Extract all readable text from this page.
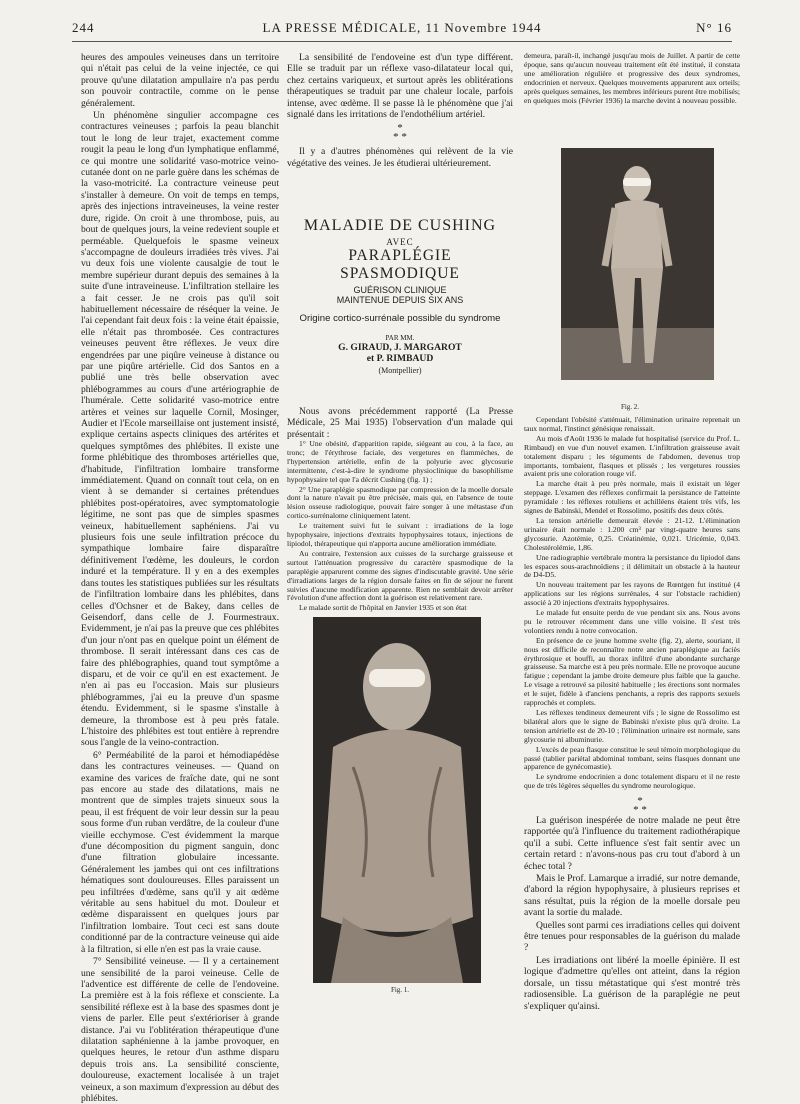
244	LA PRESSE MÉDICALE, 11 Novembre 1944	N° 16

heures des ampoules veineuses dans un territoire qui n'était pas celui de la veine injectée, ce qui prouve qu'une dilatation ampullaire n'a pas perdu son pouvoir contractile, comme on le pense généralement.

Un phénomène singulier accompagne ces contractures veineuses ; parfois la peau blanchit tout le long de leur trajet, exactement comme rougit la peau le long d'un lymphatique enflammé, ce qui montre une solidarité vaso-motrice veino-cutanée dont on ne parle guère dans les schémas de la vaso-motricité. La contracture veineuse peut s'installer à demeure. On voit de temps en temps, après des injections intraveineuses, la veine rester dure, rigide. On croit à une thrombose, puis, au bout de quelques jours, la veine redevient souple et perméable. Quelquefois le spasme veineux s'accompagne de douleurs irradiées très vives. J'ai vu deux fois une violente causalgie de tout le membre supérieur durant depuis des semaines à la suite d'une intraveineuse. L'infiltration stellaire les a fait cesser. Je ne crois pas qu'il soit habituellement nécessaire de réséquer la veine. Je l'ai cependant fait deux fois : la veine était épaissie, elle n'était pas thrombosée. Ces contractures veineuses peuvent être réflexes. Je veux dire engendrées par une piqûre veineuse à distance ou par une piqûre artérielle. Cid dos Santos en a publié une très belle observation avec phlébogrammes au cours d'une artériographie de l'humérale. Cette solidarité vaso-motrice entre artères et veines sur laquelle Cornil, Mosinger, Audier et l'Ecole marseillaise ont justement insisté, explique certains aspects cliniques des artérites et quelques symptômes des phlébites. Il existe une forme phlébitique des thromboses artérielles que, d'habitude, l'infiltration lombaire transforme immédiatement. Quand on connaît tout cela, on en vient à se demander si certaines prétendues phlébites post-opératoires, avec symptomatologie légitime, ne sont pas que de simples spasmes veineux, habituellement saphéniens. J'ai vu plusieurs fois une seule infiltration précoce du sympathique lombaire faire disparaître définitivement l'œdème, les douleurs, le cordon induré et la température. Il y en a des exemples dans toutes les statistiques publiées sur les résultats de l'infiltration lombaire dans les phlébites, dans celles d'Ochsner et de Bakey, dans celles de Geisendorf, dans celle de J. Fourmestraux. Evidemment, je n'ai pas la preuve que ces phlébites d'un jour n'ont pas en quelque point un élément de thrombose. Il serait intéressant dans ces cas de faire des phlébographies, quand tout symptôme a disparu, et de voir ce qu'il en est exactement. Je n'en ai pas eu l'occasion. Mais sur plusieurs phlébogrammes, j'ai eu la preuve d'un spasme étendu. Evidemment, si le spasme s'installe à demeure, la thrombose est à peu près fatale. L'histoire des phlébites est tout entière à reprendre sous l'angle de la veino-contraction.

6° Perméabilité de la paroi et hémodiapédèse dans les contractures veineuses. — Quand on examine des varices de fraîche date, qui ne sont pas encore au stade des dilatations, mais ne montrent que de simples trajets sinueux sous la peau, il est fréquent de voir leur dessin sur la peau sous forme d'un ruban verdâtre, de la couleur d'une vieille ecchymose. C'est évidemment la marque d'une décomposition du pigment sanguin, donc d'une filtration globulaire incessante. Généralement les jambes qui ont ces infiltrations hématiques sont douloureuses. Elles paraissent un peu infiltrées d'œdème, sans qu'il y ait œdème véritable au sens habituel du mot. Douleur et œdème disparaissent en quelques jours par l'infiltration lombaire. Tout ceci est sans doute conditionné par de la contracture veineuse qui aide à la filtration, si elle n'en est pas la vraie cause.

7° Sensibilité veineuse. — Il y a certainement une sensibilité de la paroi veineuse. Celle de l'adventice est différente de celle de l'endoveine. La première est à la fois réflexe et consciente. La sensibilité réflexe est à la base des spasmes dont je viens de parler. Elle peut s'extérioriser à grande distance. J'ai vu l'oblitération thérapeutique d'une dilatation saphénienne à la jambe provoquer, en quelques heures, le retour d'un asthme disparu depuis trois ans. La sensibilité consciente, douloureuse, exactement localisée à un trajet veineux, a son maximum d'expression au début des phlébites.

La sensibilité de l'endoveine est d'un type différent. Elle se traduit par un réflexe vaso-dilatateur local qui, chez certains variqueux, et surtout après les oblitérations thérapeutiques se traduit par une chaleur locale, parfois intense, avec œdème. Il se passe là le phénomène que j'ai signalé dans les irritations de l'endothélium artériel.

*
* *

Il y a d'autres phénomènes qui relèvent de la vie végétative des veines. Je les étudierai ultérieurement.

MALADIE DE CUSHING
AVEC
PARAPLÉGIE SPASMODIQUE
GUÉRISON CLINIQUE
MAINTENUE DEPUIS SIX ANS
Origine cortico-surrénale possible du syndrome
PAR MM.
G. GIRAUD, J. MARGAROT
et P. RIMBAUD
(Montpellier)

Nous avons précédemment rapporté (La Presse Médicale, 25 Mai 1935) l'observation d'un malade qui présentait :

1° Une obésité, d'apparition rapide, siégeant au cou, à la face, au tronc; de l'érythrose faciale, des vergetures en flammèches, de l'hypertension artérielle, enfin de la polyurie avec glycosurie intermittente, c'est-à-dire le syndrome physioclinique du basophilisme hypophysaire tel que l'a décrit Cushing (fig. 1) ;

2° Une paraplégie spasmodique par compression de la moelle dorsale dont la nature n'avait pu être précisée, mais qui, en l'absence de toute lésion osseuse radiologique, pouvait faire songer à une métastase d'un cortico-surrénalome cliniquement latent.

Le traitement suivi fut le suivant : irradiations de la loge hypophysaire, injections d'extraits hypophysaires totaux, injections de lipiodol, thérapeutique qui n'apporta aucune amélioration immédiate.

Au contraire, l'extension aux cuisses de la surcharge graisseuse et surtout l'atténuation progressive du caractère spasmodique de la paraplégie apparurent comme des signes d'indiscutable gravité. Une série d'irradiations larges de la région dorsale faites en fin de séjour ne furent suivies d'aucune modification apparente. Rien ne semblait devoir arrêter l'évolution d'une affection dont la guérison est relativement rare.

Le malade sortit de l'hôpital en Janvier 1935 et son état

Fig. 1.

demeura, paraît-il, inchangé jusqu'au mois de Juillet. A partir de cette époque, sans qu'aucun nouveau traitement eût été institué, il constata une amélioration régulière et progressive des deux syndromes, endocrinien et nerveux. Quelques mouvements apparurent aux orteils; après quelques semaines, les membres inférieurs purent être mobilisés; en quelques mois (Février 1936) la marche devint à nouveau possible.

Fig. 2.

Cependant l'obésité s'atténuait, l'élimination urinaire reprenait un taux normal, l'instinct génésique renaissait.

Au mois d'Août 1936 le malade fut hospitalisé (service du Prof. L. Rimbaud) en vue d'un nouvel examen. L'infiltration graisseuse avait totalement disparu ; les téguments de l'abdomen, devenus trop importants, tombaient, flasques et plissés ; les vergetures roussies avaient pris une coloration rouge vif.

La marche était à peu près normale, mais il existait un léger steppage. L'examen des réflexes confirmait la persistance de l'atteinte pyramidale : les réflexes rotuliens et achilléens étaient très vifs, les signes de Babinski, Mendel et Rossolimo, positifs des deux côtés.

La tension artérielle demeurait élevée : 21-12. L'élimination urinaire était normale : 1.200 cm³ par vingt-quatre heures sans glycosurie. Azotémie, 0,25. Créatinémie, 0,021. Uricémie, 0,043. Cholestérolémie, 1,86.

Une radiographie vertébrale montra la persistance du lipiodol dans les espaces sous-arachnoïdiens ; il délimitait un obstacle à la hauteur de D4-D5.

Un nouveau traitement par les rayons de Rœntgen fut institué (4 applications sur les régions surrénales, 4 sur l'obstacle rachidien) associé à 20 injections d'extraits hypophysaires.

Le malade fut ensuite perdu de vue pendant six ans. Nous avons pu le retrouver récemment dans une ville voisine. Il s'est très volontiers rendu à notre convocation.

En présence de ce jeune homme svelte (fig. 2), alerte, souriant, il nous est difficile de reconnaître notre ancien paraplégique au faciès érythrosique et bouffi, au thorax infiltré d'une abondante surcharge graisseuse. Sa marche est à peu près normale. Elle ne provoque aucune fatigue ; cependant la jambe droite demeure plus faible que la gauche. Le visage a retrouvé sa pilosité habituelle ; les érections sont normales et le sujet, fidèle à d'anciens penchants, a repris des rapports sexuels rapprochés et complets.

Les réflexes tendineux demeurent vifs ; le signe de Rossolimo est bilatéral alors que le signe de Babinski n'existe plus qu'à droite. La tension artérielle est de 20-10 ; l'élimination urinaire est normale, sans glycosurie ni albuminurie.

L'excès de peau flasque constitue le seul témoin morphologique du passé (tablier pariétal abdominal tombant, seins flasques donnant une apparence de gynécomastie).

Le syndrome endocrinien a donc totalement disparu et il ne reste que de très légères séquelles du syndrome neurologique.

*
* *

La guérison inespérée de notre malade ne peut être rapportée qu'à l'influence du traitement radiothérapique qu'il a subi. Cette influence s'est fait sentir avec un certain retard : n'avons-nous pas cru tout d'abord à un échec total ?

Mais le Prof. Lamarque a irradié, sur notre demande, d'abord la région hypophysaire, à plusieurs reprises et sans résultat, puis la région de la moelle dorsale peu avant la sortie du malade.

Quelles sont parmi ces irradiations celles qui doivent être tenues pour responsables de la guérison du malade ?

Les irradiations ont libéré la moelle épinière. Il est logique d'admettre qu'elles ont atteint, dans la région dorsale, un tissu métastatique qui s'est montré très radiosensible. La guérison de la paraplégie ne peut s'expliquer qu'ainsi.
